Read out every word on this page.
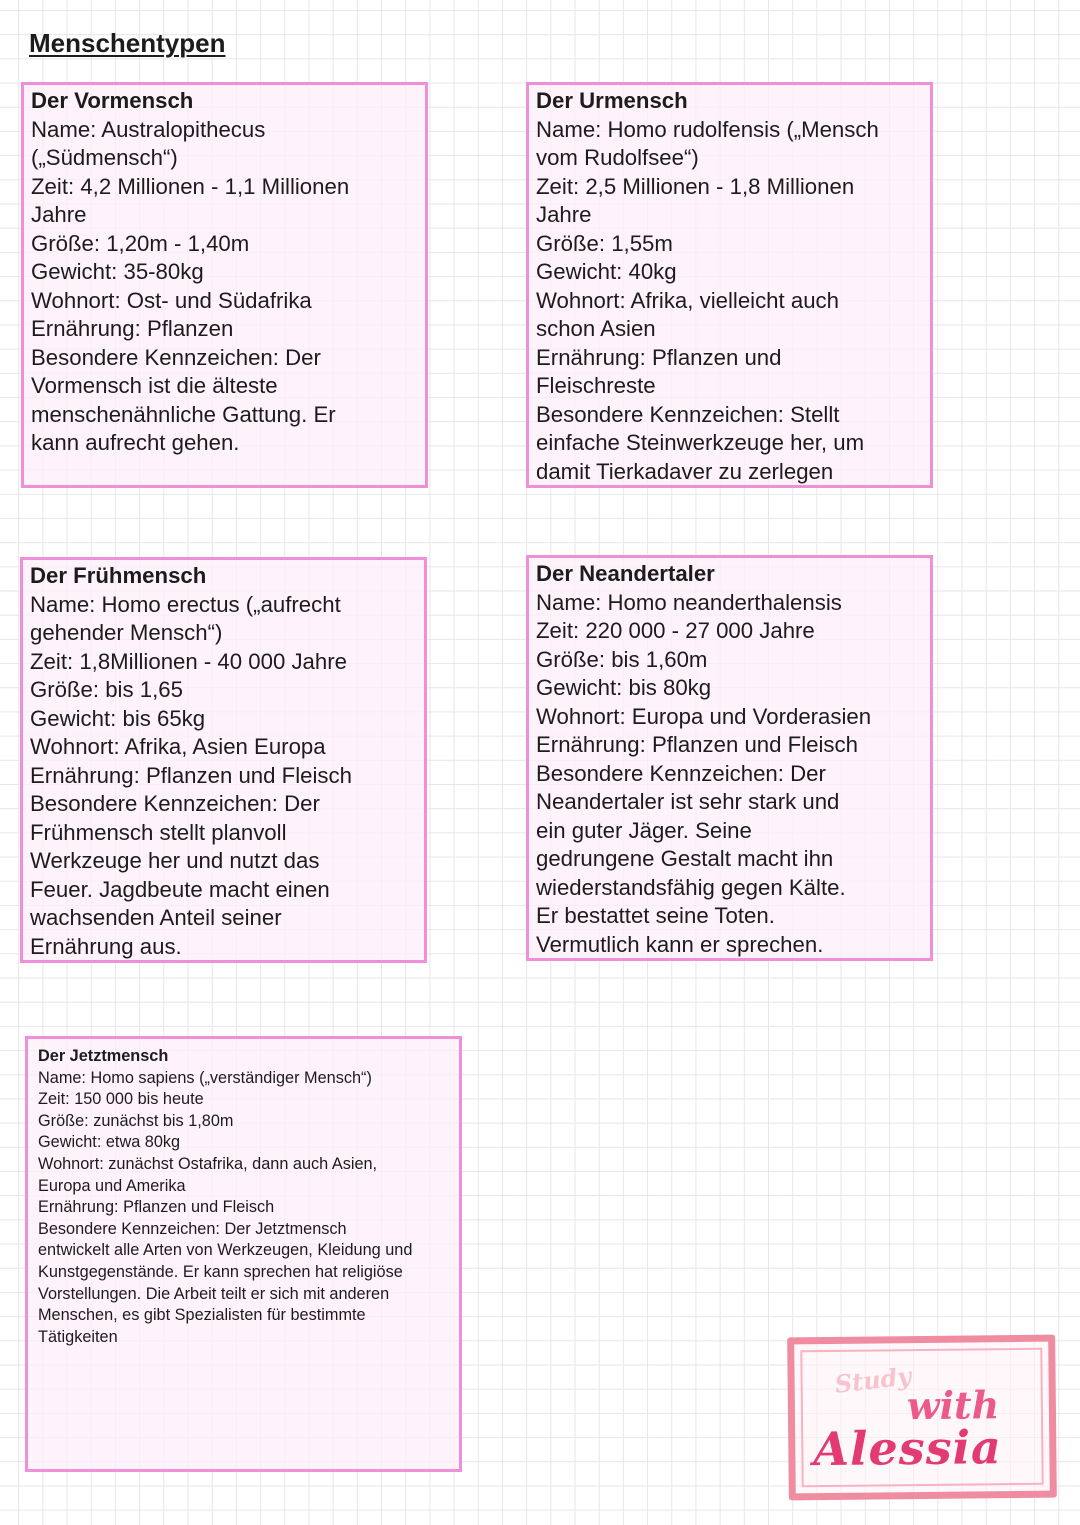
Menschentypen
Der Vormensch
Name: Australopithecus
(„Südmensch“)
Zeit: 4,2 Millionen - 1,1 Millionen
Jahre
Größe: 1,20m - 1,40m
Gewicht: 35-80kg
Wohnort: Ost- und Südafrika
Ernährung: Pflanzen
Besondere Kennzeichen: Der
Vormensch ist die älteste
menschenähnliche Gattung. Er
kann aufrecht gehen.
Der Urmensch
Name: Homo rudolfensis („Mensch
vom Rudolfsee“)
Zeit: 2,5 Millionen - 1,8 Millionen
Jahre
Größe: 1,55m
Gewicht: 40kg
Wohnort: Afrika, vielleicht auch
schon Asien
Ernährung: Pflanzen und
Fleischreste
Besondere Kennzeichen: Stellt
einfache Steinwerkzeuge her, um
damit Tierkadaver zu zerlegen
Der Frühmensch
Name: Homo erectus („aufrecht
gehender Mensch“)
Zeit: 1,8Millionen - 40 000 Jahre
Größe: bis 1,65
Gewicht: bis 65kg
Wohnort: Afrika, Asien Europa
Ernährung: Pflanzen und Fleisch
Besondere Kennzeichen: Der
Frühmensch stellt planvoll
Werkzeuge her und nutzt das
Feuer. Jagdbeute macht einen
wachsenden Anteil seiner
Ernährung aus.
Der Neandertaler
Name: Homo neanderthalensis
Zeit: 220 000 - 27 000 Jahre
Größe: bis 1,60m
Gewicht: bis 80kg
Wohnort: Europa und Vorderasien
Ernährung: Pflanzen und Fleisch
Besondere Kennzeichen: Der
Neandertaler ist sehr stark und
ein guter Jäger. Seine
gedrungene Gestalt macht ihn
wiederstandsfähig gegen Kälte.
Er bestattet seine Toten.
Vermutlich kann er sprechen.
Der Jetztmensch
Name: Homo sapiens („verständiger Mensch“)
Zeit: 150 000 bis heute
Größe: zunächst bis 1,80m
Gewicht: etwa 80kg
Wohnort: zunächst Ostafrika, dann auch Asien,
Europa und Amerika
Ernährung: Pflanzen und Fleisch
Besondere Kennzeichen: Der Jetztmensch
entwickelt alle Arten von Werkzeugen, Kleidung und
Kunstgegenstände. Er kann sprechen hat religiöse
Vorstellungen. Die Arbeit teilt er sich mit anderen
Menschen, es gibt Spezialisten für bestimmte
Tätigkeiten
Study
with
Alessia
